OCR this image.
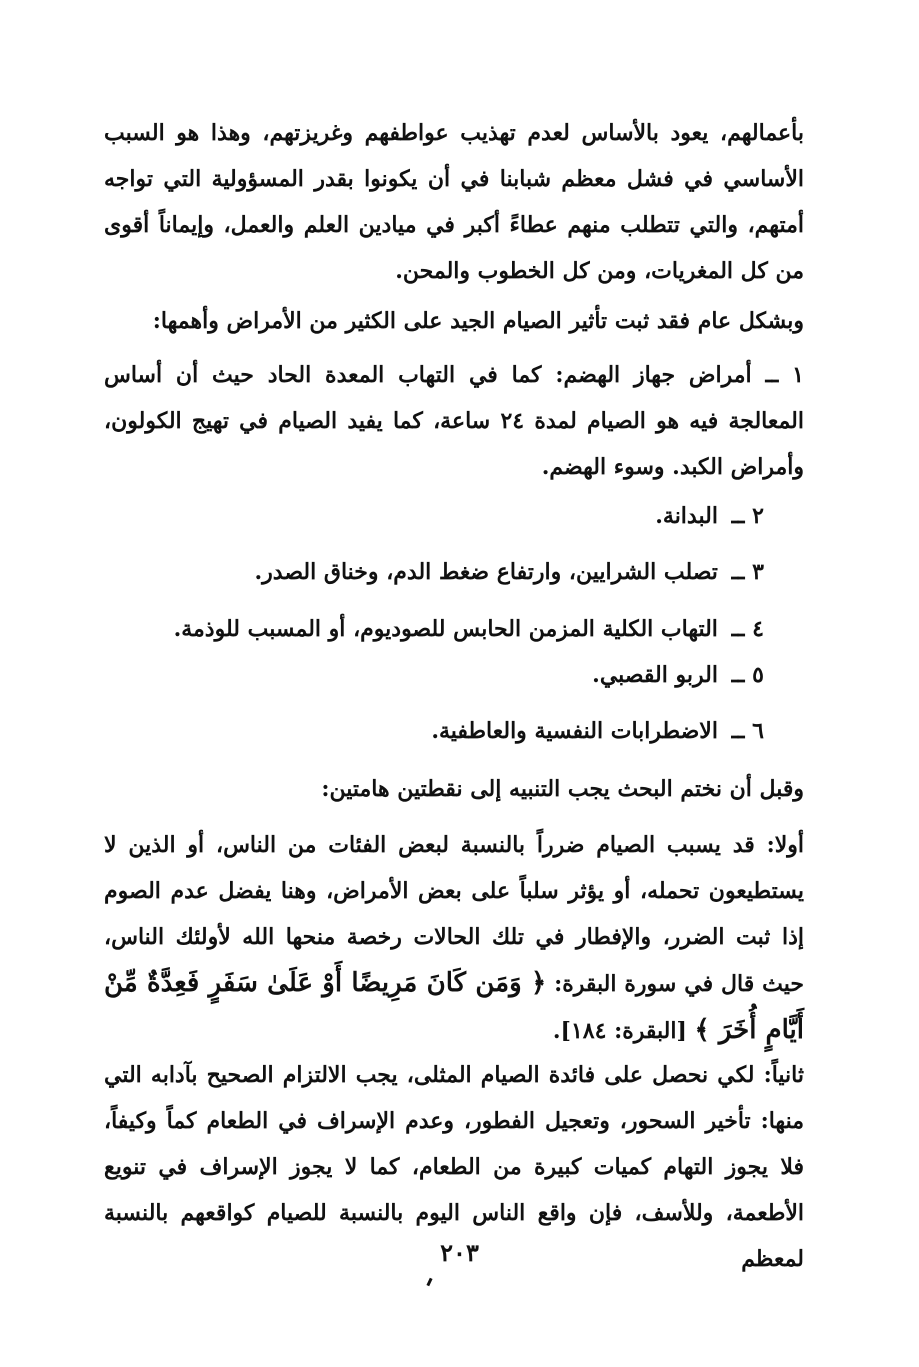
بأعمالهم، يعود بالأساس لعدم تهذيب عواطفهم وغريزتهم، وهذا هو السبب الأساسي في فشل معظم شبابنا في أن يكونوا بقدر المسؤولية التي تواجه أمتهم، والتي تتطلب منهم عطاءً أكبر في ميادين العلم والعمل، وإيماناً أقوى من كل المغريات، ومن كل الخطوب والمحن.

وبشكل عام فقد ثبت تأثير الصيام الجيد على الكثير من الأمراض وأهمها:

١ ــ أمراض جهاز الهضم: كما في التهاب المعدة الحاد حيث أن أساس المعالجة فيه هو الصيام لمدة ٢٤ ساعة، كما يفيد الصيام في تهيج الكولون، وأمراض الكبد. وسوء الهضم.

٢ ــ البدانة.

٣ ــ تصلب الشرايين، وارتفاع ضغط الدم، وخناق الصدر.

٤ ــ التهاب الكلية المزمن الحابس للصوديوم، أو المسبب للوذمة.

٥ ــ الربو القصبي.

٦ ــ الاضطرابات النفسية والعاطفية.

وقبل أن نختم البحث يجب التنبيه إلى نقطتين هامتين:

أولا: قد يسبب الصيام ضرراً بالنسبة لبعض الفئات من الناس، أو الذين لا يستطيعون تحمله، أو يؤثر سلباً على بعض الأمراض، وهنا يفضل عدم الصوم إذا ثبت الضرر، والإفطار في تلك الحالات رخصة منحها الله لأولئك الناس، حيث قال في سورة البقرة: ﴿ وَمَن كَانَ مَرِيضًا أَوْ عَلَىٰ سَفَرٍ فَعِدَّةٌ مِّنْ أَيَّامٍ أُخَرَ ﴾ [البقرة: ١٨٤].

ثانياً: لكي نحصل على فائدة الصيام المثلى، يجب الالتزام الصحيح بآدابه التي منها: تأخير السحور، وتعجيل الفطور، وعدم الإسراف في الطعام كماً وكيفاً، فلا يجوز التهام كميات كبيرة من الطعام، كما لا يجوز الإسراف في تنويع الأطعمة، وللأسف، فإن واقع الناس اليوم بالنسبة للصيام كواقعهم بالنسبة لمعظم

٢٠٣
